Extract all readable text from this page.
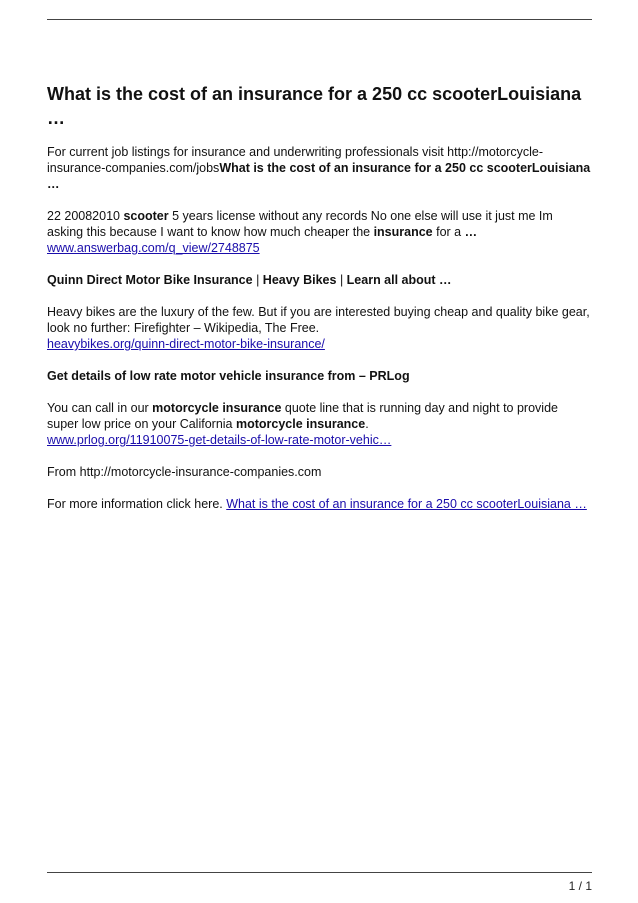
What is the cost of an insurance for a 250 cc scooterLouisiana …

For current job listings for insurance and underwriting professionals visit http://motorcycle-insurance-companies.com/jobsWhat is the cost of an insurance for a 250 cc scooterLouisiana …

22 20082010 scooter 5 years license without any records No one else will use it just me Im asking this because I want to know how much cheaper the insurance for a …
www.answerbag.com/q_view/2748875

Quinn Direct Motor Bike Insurance | Heavy Bikes | Learn all about …

Heavy bikes are the luxury of the few. But if you are interested buying cheap and quality bike gear, look no further: Firefighter – Wikipedia, The Free.
heavybikes.org/quinn-direct-motor-bike-insurance/

Get details of low rate motor vehicle insurance from – PRLog

You can call in our motorcycle insurance quote line that is running day and night to provide super low price on your California motorcycle insurance.
www.prlog.org/11910075-get-details-of-low-rate-motor-vehic…

From http://motorcycle-insurance-companies.com

For more information click here. What is the cost of an insurance for a 250 cc scooterLouisiana …

1 / 1
